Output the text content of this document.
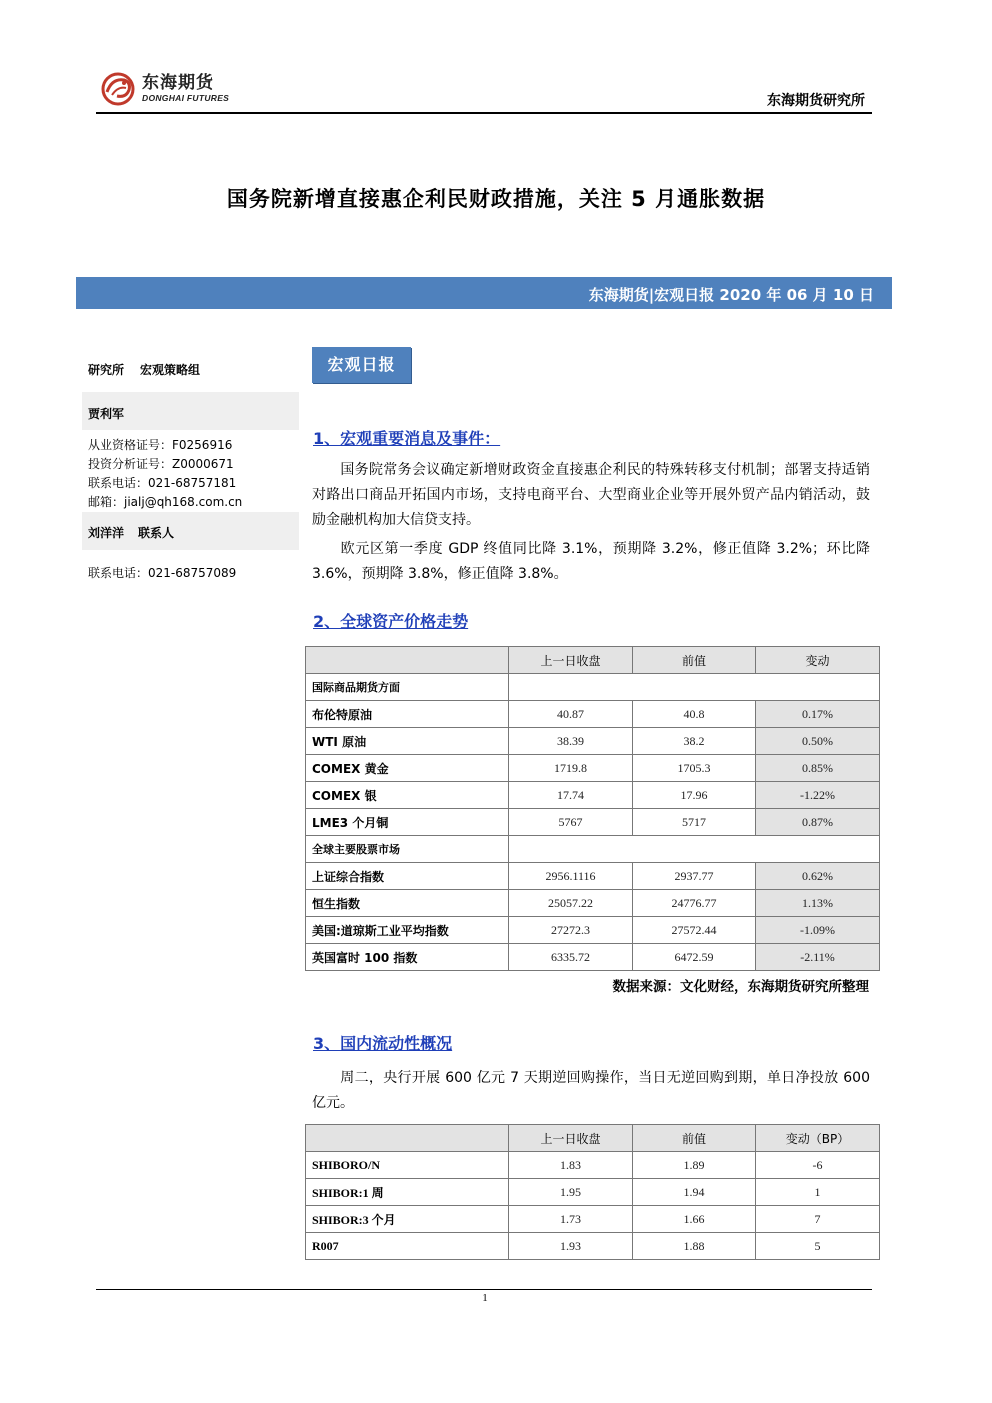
东海期货
DONGHAI FUTURES	东海期货研究所
国务院新增直接惠企利民财政措施，关注 5 月通胀数据
东海期货|宏观日报 2020 年 06 月 10 日
研究所 宏观策略组
贾利军
从业资格证号：F0256916
投资分析证号：Z0000671
联系电话：021-68757181
邮箱：jialj@qh168.com.cn
刘洋洋 联系人
联系电话：021-68757089
宏观日报
1、宏观重要消息及事件：
国务院常务会议确定新增财政资金直接惠企利民的特殊转移支付机制；部署支持适销对路出口商品开拓国内市场，支持电商平台、大型商业企业等开展外贸产品内销活动，鼓励金融机构加大信贷支持。
欧元区第一季度 GDP 终值同比降 3.1%，预期降 3.2%，修正值降 3.2%；环比降 3.6%，预期降 3.8%，修正值降 3.8%。
2、全球资产价格走势
	上一日收盘	前值	变动
国际商品期货方面			
布伦特原油	40.87	40.8	0.17%
WTI 原油	38.39	38.2	0.50%
COMEX 黄金	1719.8	1705.3	0.85%
COMEX 银	17.74	17.96	-1.22%
LME3 个月铜	5767	5717	0.87%
全球主要股票市场			
上证综合指数	2956.1116	2937.77	0.62%
恒生指数	25057.22	24776.77	1.13%
美国:道琼斯工业平均指数	27272.3	27572.44	-1.09%
英国富时 100 指数	6335.72	6472.59	-2.11%
数据来源：文化财经，东海期货研究所整理
3、国内流动性概况
周二，央行开展 600 亿元 7 天期逆回购操作，当日无逆回购到期，单日净投放 600 亿元。
	上一日收盘	前值	变动（BP）
SHIBORO/N	1.83	1.89	-6
SHIBOR:1 周	1.95	1.94	1
SHIBOR:3 个月	1.73	1.66	7
R007	1.93	1.88	5
1
